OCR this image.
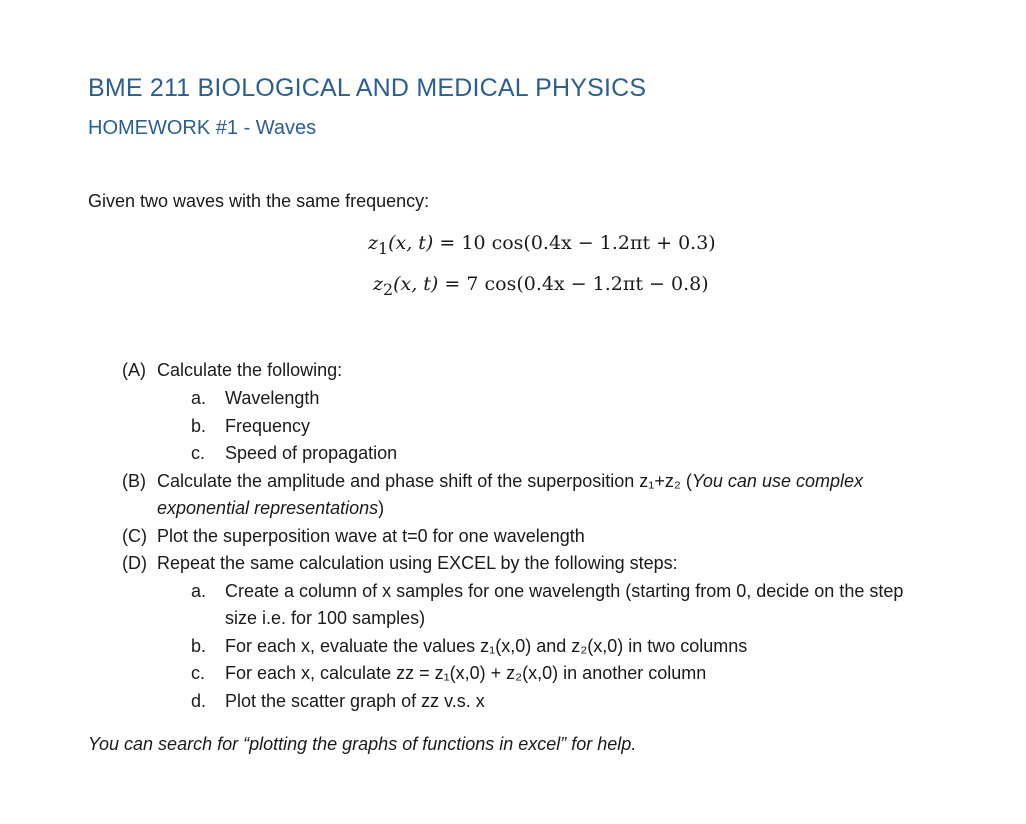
BME 211 BIOLOGICAL AND MEDICAL PHYSICS
HOMEWORK #1 - Waves
Given two waves with the same frequency:
$z_1(x$, t) = 10 cos(0.4x − 1.2πt + 0.3)
$z_2(x$, t) = 7 cos(0.4x − 1.2πt − 0.8)
(A) Calculate the following:
a. Wavelength
b. Frequency
c. Speed of propagation
(B) Calculate the amplitude and phase shift of the superposition z₁+z₂ (You can use complex
exponential representations)
(C) Plot the superposition wave at t=0 for one wavelength
(D) Repeat the same calculation using EXCEL by the following steps:
a. Create a column of x samples for one wavelength (starting from 0, decide on the step
size i.e. for 100 samples)
b. For each x, evaluate the values z₁(x,0) and z₂(x,0) in two columns
c. For each x, calculate zz = z₁(x,0) + z₂(x,0) in another column
d. Plot the scatter graph of zz v.s. x
You can search for “plotting the graphs of functions in excel” for help.
